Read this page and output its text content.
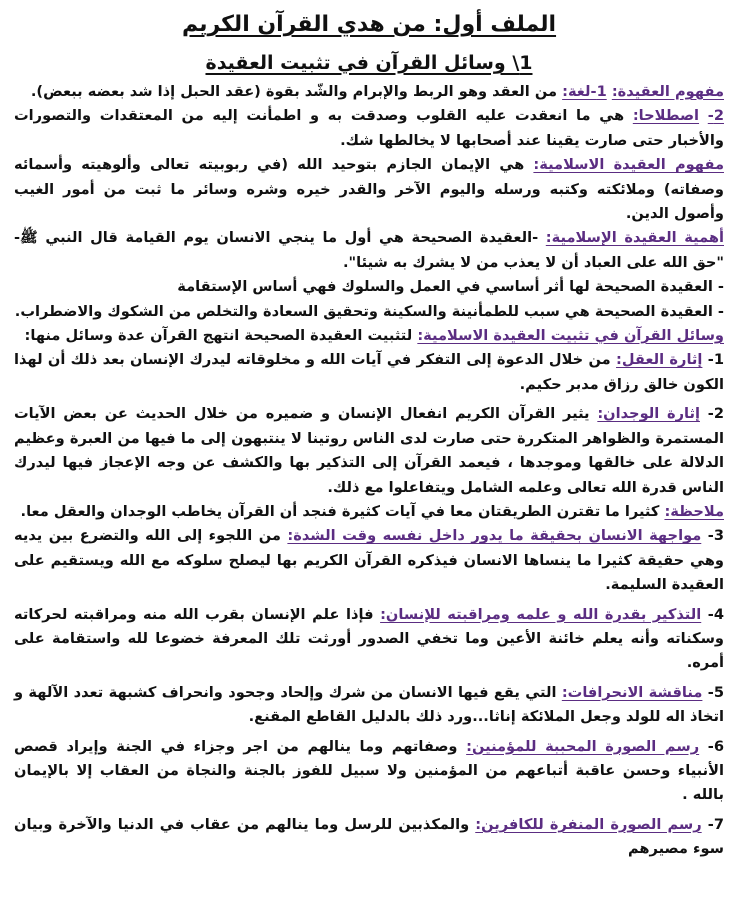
الملف أول: من هدي القرآن الكريم
1\ وسائل القرآن في تثبيت العقيدة

مفهوم العقيدة: 1-لغة: من العقد وهو الربط والإبرام والشّد بقوة (عقد الحبل إذا شد بعضه ببعض).

2- اصطلاحا: هي ما انعقدت عليه القلوب وصدقت به و اطمأنت إليه من المعتقدات والتصورات والأخبار حتى صارت يقينا عند أصحابها لا يخالطها شك.

مفهوم العقيدة الاسلامية: هي الإيمان الجازم بتوحيد الله (في ربوبيته تعالى وألوهيته وأسمائه وصفاته) وملائكته وكتبه ورسله واليوم الآخر والقدر خيره وشره وسائر ما ثبت من أمور الغيب وأصول الدين.

أهمية العقيدة الإسلامية: -العقيدة الصحيحة هي أول ما ينجي الانسان يوم القيامة قال النبي ﷺ- "حق الله على العباد أن لا يعذب من لا يشرك به شيئا".

- العقيدة الصحيحة لها أثر أساسي في العمل والسلوك فهي أساس الإستقامة

- العقيدة الصحيحة هي سبب للطمأنينة والسكينة وتحقيق السعادة والتخلص من الشكوك والاضطراب.

وسائل القرآن في تثبيت العقيدة الاسلامية: لتثبيت العقيدة الصحيحة انتهج القرآن عدة وسائل منها:

1- إثارة العقل: من خلال الدعوة إلى التفكر في آيات الله و مخلوقاته ليدرك الإنسان بعد ذلك أن لهذا الكون خالق رزاق مدبر حكيم.

2- إثارة الوجدان: يثير القرآن الكريم انفعال الإنسان و ضميره من خلال الحديث عن بعض الآيات المستمرة والظواهر المتكررة حتى صارت لدى الناس روتينا لا ينتبهون إلى ما فيها من العبرة وعظيم الدلالة على خالقها وموجدها ، فيعمد القرآن إلى التذكير بها والكشف عن وجه الإعجاز فيها ليدرك الناس قدرة الله تعالى وعلمه الشامل ويتفاعلوا مع ذلك.

ملاحظة: كثيرا ما تقترن الطريقتان معا في آيات كثيرة فنجد أن القرآن يخاطب الوجدان والعقل معا.

3- مواجهة الانسان بحقيقة ما يدور داخل نفسه وقت الشدة: من اللجوء إلى الله والتضرع بين يديه وهي حقيقة كثيرا ما ينساها الانسان فيذكره القرآن الكريم بها ليصلح سلوكه مع الله ويستقيم على العقيدة السليمة.

4- التذكير بقدرة الله و علمه ومراقبته للإنسان: فإذا علم الإنسان بقرب الله منه ومراقبته لحركاته وسكناته وأنه يعلم خائنة الأعين وما تخفي الصدور أورثت تلك المعرفة خضوعا لله واستقامة على أمره.

5- مناقشة الانحرافات: التي يقع فيها الانسان من شرك وإلحاد وجحود وانحراف كشبهة تعدد الآلهة و اتخاذ اله للولد وجعل الملائكة إناثا...ورد ذلك بالدليل القاطع المقنع.

6- رسم الصورة المحببة للمؤمنين: وصفاتهم وما ينالهم من اجر وجزاء في الجنة وإيراد قصص الأنبياء وحسن عاقبة أتباعهم من المؤمنين ولا سبيل للفوز بالجنة والنجاة من العقاب إلا بالإيمان بالله .

7- رسم الصورة المنفرة للكافرين: والمكذبين للرسل وما ينالهم من عقاب في الدنيا والآخرة وبيان سوء مصيرهم
